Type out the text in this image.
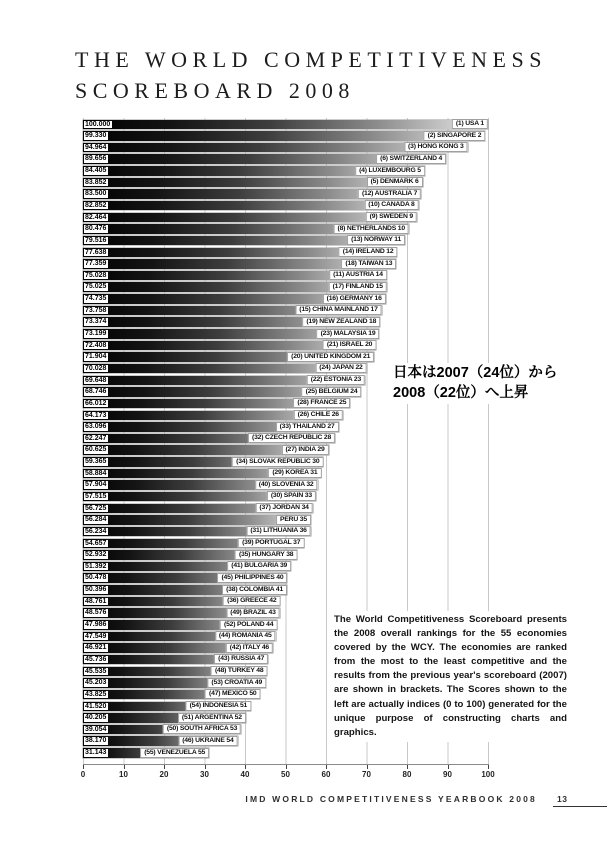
THE WORLD COMPETITIVENESS
SCOREBOARD 2008
100.000	(1) USA 1
99.330	(2) SINGAPORE 2
94.964	(3) HONG KONG 3
89.656	(6) SWITZERLAND 4
84.405	(4) LUXEMBOURG 5
83.852	(5) DENMARK 6
83.500	(12) AUSTRALIA 7
82.852	(10) CANADA 8
82.464	(9) SWEDEN 9
80.476	(8) NETHERLANDS 10
79.516	(13) NORWAY 11
77.638	(14) IRELAND 12
77.359	(18) TAIWAN 13
75.028	(11) AUSTRIA 14
75.025	(17) FINLAND 15
74.735	(16) GERMANY 16
73.758	(15) CHINA MAINLAND 17
73.374	(19) NEW ZEALAND 18
73.199	(23) MALAYSIA 19
72.408	(21) ISRAEL 20
71.904	(20) UNITED KINGDOM 21
70.028	(24) JAPAN 22
69.648	(22) ESTONIA 23
68.746	(25) BELGIUM 24
66.012	(28) FRANCE 25
64.173	(26) CHILE 26
63.096	(33) THAILAND 27
62.247	(32) CZECH REPUBLIC 28
60.625	(27) INDIA 29
59.365	(34) SLOVAK REPUBLIC 30
58.884	(29) KOREA 31
57.904	(40) SLOVENIA 32
57.515	(30) SPAIN 33
56.725	(37) JORDAN 34
56.284	PERU 35
56.234	(31) LITHUANIA 36
54.657	(39) PORTUGAL 37
52.932	(35) HUNGARY 38
51.392	(41) BULGARIA 39
50.478	(45) PHILIPPINES 40
50.396	(38) COLOMBIA 41
48.761	(36) GREECE 42
48.576	(49) BRAZIL 43
47.986	(52) POLAND 44
47.549	(44) ROMANIA 45
46.921	(42) ITALY 46
45.736	(43) RUSSIA 47
45.535	(48) TURKEY 48
45.203	(53) CROATIA 49
43.825	(47) MEXICO 50
41.520	(54) INDONESIA 51
40.205	(51) ARGENTINA 52
39.054	(50) SOUTH AFRICA 53
38.170	(46) UKRAINE 54
31.143	(55) VENEZUELA 55
日本は2007（24位）から
2008（22位）へ上昇
The World Competitiveness Scoreboard presents the 2008 overall rankings for the 55 economies covered by the WCY. The economies are ranked from the most to the least competitive and the results from the previous year's scoreboard (2007) are shown in brackets. The Scores shown to the left are actually indices (0 to 100) generated for the unique purpose of constructing charts and graphics.
0	10	20	30	40	50	60	70	80	90	100
IMD WORLD COMPETITIVENESS YEARBOOK 2008	13
